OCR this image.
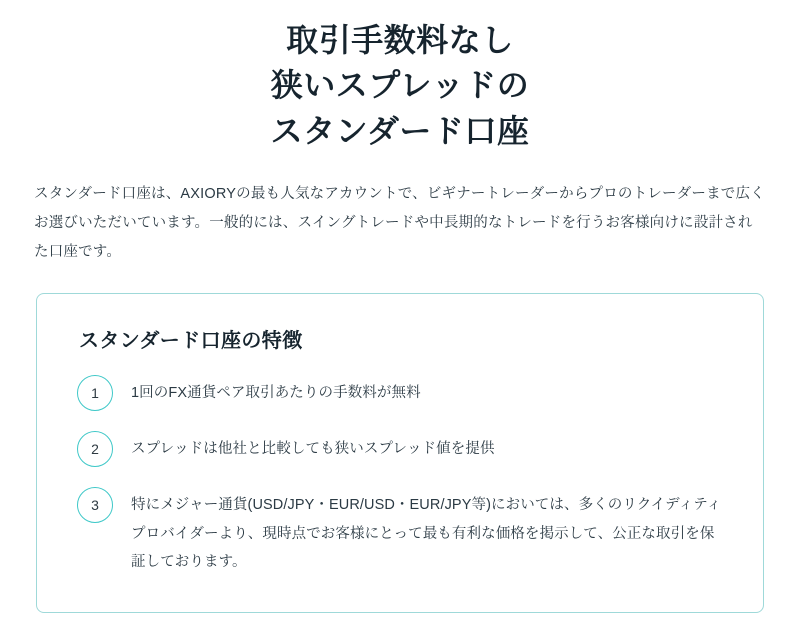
取引手数料なし
狭いスプレッドの
スタンダード口座

スタンダード口座は、AXIORYの最も人気なアカウントで、ビギナートレーダーからプロのトレーダーまで広くお選びいただいています。一般的には、スイングトレードや中長期的なトレードを行うお客様向けに設計された口座です。

スタンダード口座の特徴
1	1回のFX通貨ペア取引あたりの手数料が無料
2	スプレッドは他社と比較しても狭いスプレッド値を提供
3	特にメジャー通貨(USD/JPY・EUR/USD・EUR/JPY等)においては、多くのリクイディティプロバイダーより、現時点でお客様にとって最も有利な価格を掲示して、公正な取引を保証しております。
